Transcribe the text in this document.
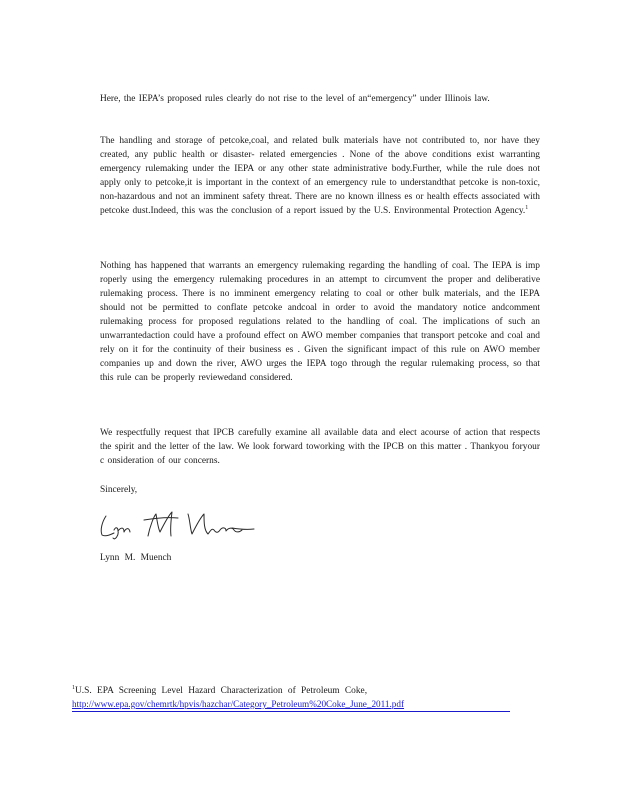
Here, the IEPA’s proposed rules clearly do not rise to the level of an“emergency” under Illinois law.

The handling and storage of petcoke,coal, and related bulk materials have not contributed to, nor have they created, any public health or disaster- related emergencies . None of the above conditions exist warranting emergency rulemaking under the IEPA or any other state administrative body.Further, while the rule does not apply only to petcoke,it is important in the context of an emergency rule to understandthat petcoke is non-toxic, non-hazardous and not an imminent safety threat. There are no known illness es or health effects associated with petcoke dust.Indeed, this was the conclusion of a report issued by the U.S. Environmental Protection Agency.$^1$

Nothing has happened that warrants an emergency rulemaking regarding the handling of coal. The IEPA is imp roperly using the emergency rulemaking procedures in an attempt to circumvent the proper and deliberative rulemaking process. There is no imminent emergency relating to coal or other bulk materials, and the IEPA should not be permitted to conflate petcoke andcoal in order to avoid the mandatory notice andcomment rulemaking process for proposed regulations related to the handling of coal. The implications of such an unwarrantedaction could have a profound effect on AWO member companies that transport petcoke and coal and rely on it for the continuity of their business es . Given the significant impact of this rule on AWO member companies up and down the river, AWO urges the IEPA togo through the regular rulemaking process, so that this rule can be properly reviewedand considered.

We respectfully request that IPCB carefully examine all available data and elect acourse of action that respects the spirit and the letter of the law. We look forward toworking with the IPCB on this matter . Thankyou foryour c onsideration of our concerns.

Sincerely,

Lynn M. Muench

$^1$U.S. EPA Screening Level Hazard Characterization of Petroleum Coke,
http://www.epa.gov/chemrtk/hpvis/hazchar/Category_Petroleum%20Coke_June_2011.pdf
